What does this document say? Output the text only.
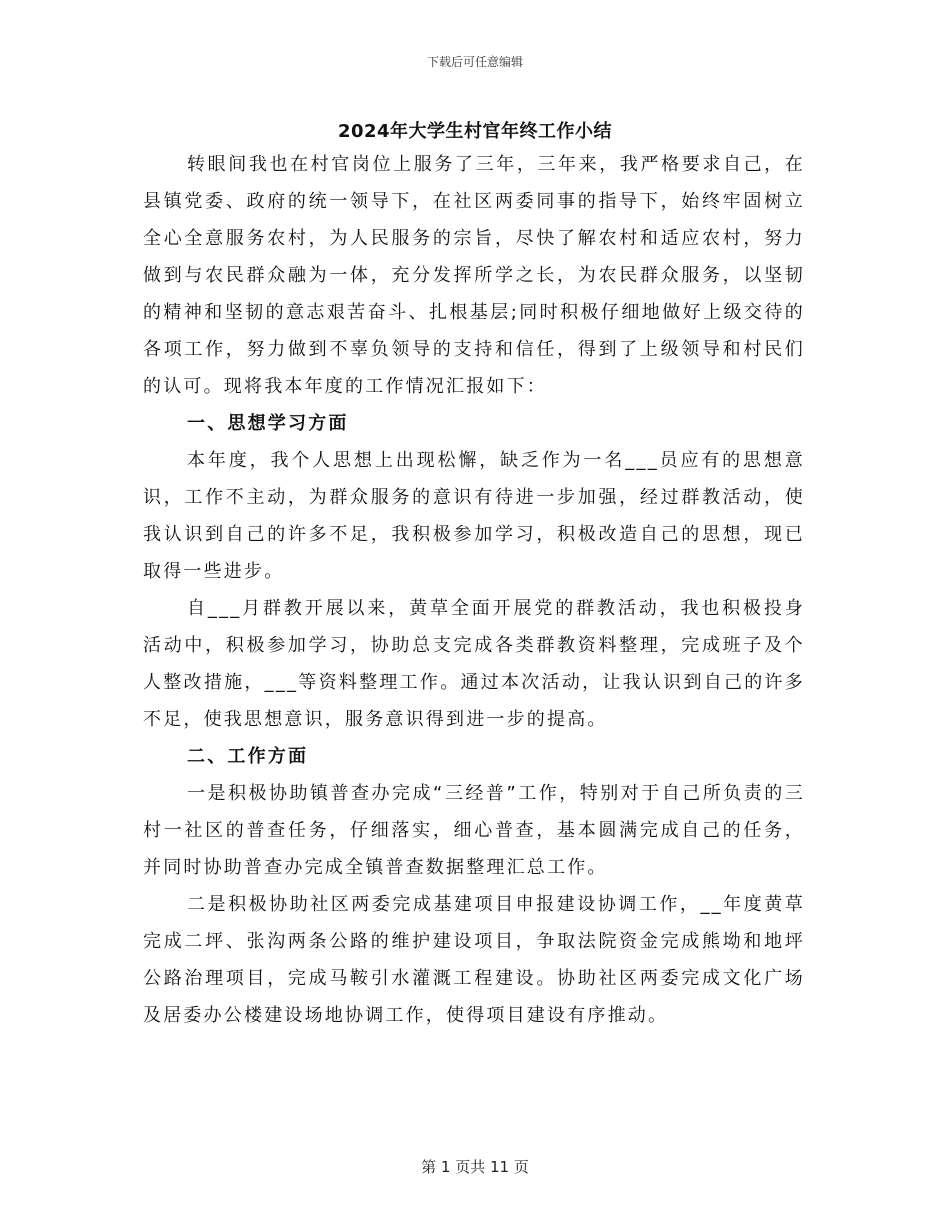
下载后可任意编辑
2024年大学生村官年终工作小结

转眼间我也在村官岗位上服务了三年，三年来，我严格要求自己，在县镇党委、政府的统一领导下，在社区两委同事的指导下，始终牢固树立全心全意服务农村，为人民服务的宗旨，尽快了解农村和适应农村，努力做到与农民群众融为一体，充分发挥所学之长，为农民群众服务，以坚韧的精神和坚韧的意志艰苦奋斗、扎根基层;同时积极仔细地做好上级交待的各项工作，努力做到不辜负领导的支持和信任，得到了上级领导和村民们的认可。现将我本年度的工作情况汇报如下：

一、思想学习方面

本年度，我个人思想上出现松懈，缺乏作为一名___员应有的思想意识，工作不主动，为群众服务的意识有待进一步加强，经过群教活动，使我认识到自己的许多不足，我积极参加学习，积极改造自己的思想，现已取得一些进步。

自___月群教开展以来，黄草全面开展党的群教活动，我也积极投身活动中，积极参加学习，协助总支完成各类群教资料整理，完成班子及个人整改措施，___等资料整理工作。通过本次活动，让我认识到自己的许多不足，使我思想意识，服务意识得到进一步的提高。

二、工作方面

一是积极协助镇普查办完成“三经普”工作，特别对于自己所负责的三村一社区的普查任务，仔细落实，细心普查，基本圆满完成自己的任务，并同时协助普查办完成全镇普查数据整理汇总工作。

二是积极协助社区两委完成基建项目申报建设协调工作，__年度黄草完成二坪、张沟两条公路的维护建设项目，争取法院资金完成熊坳和地坪公路治理项目，完成马鞍引水灌溉工程建设。协助社区两委完成文化广场及居委办公楼建设场地协调工作，使得项目建设有序推动。

第 1 页共 11 页
